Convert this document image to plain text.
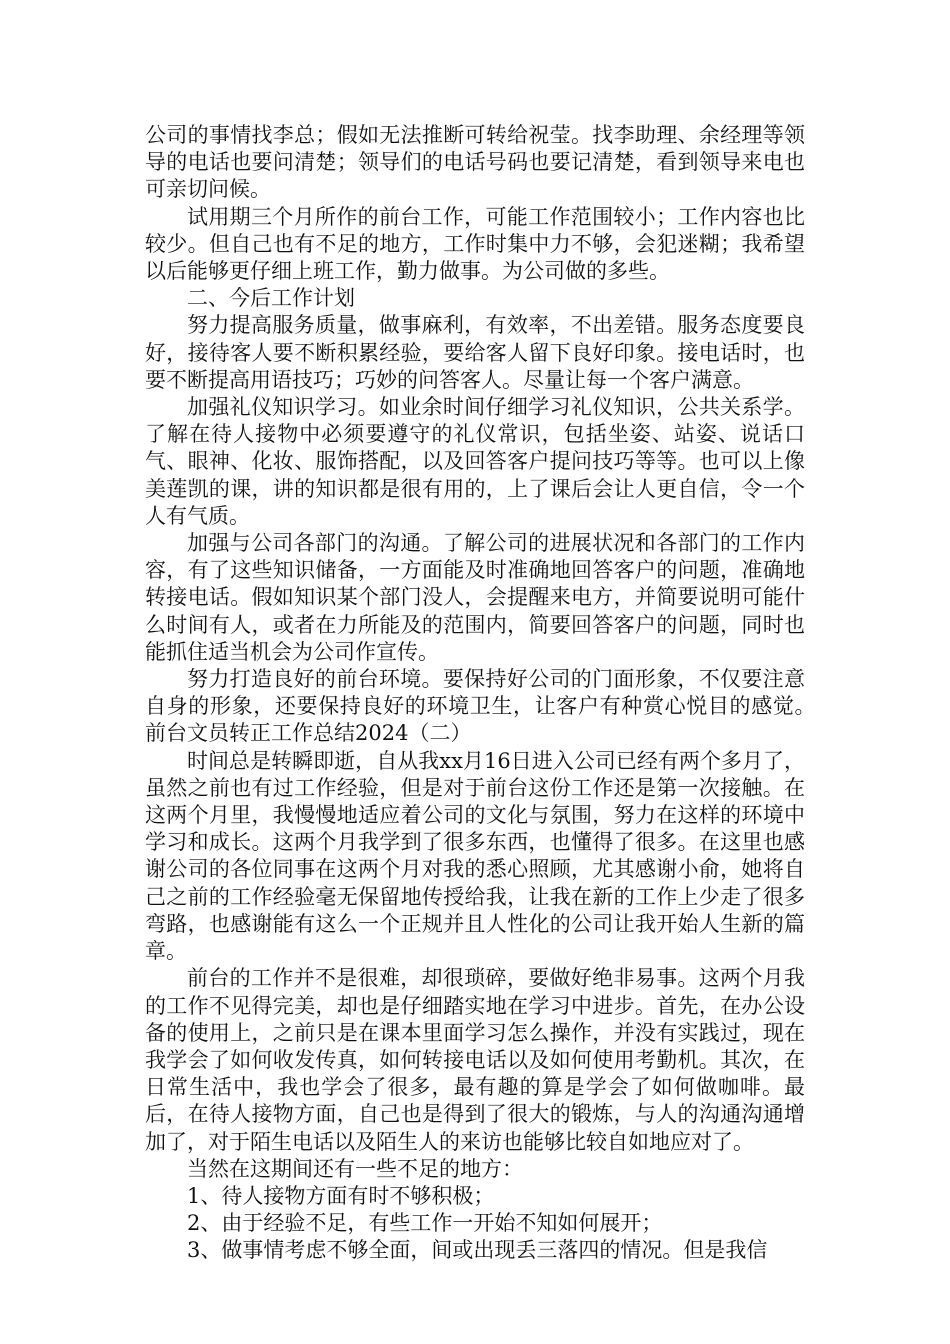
公司的事情找李总；假如无法推断可转给祝莹。找李助理、余经理等领导的电话也要问清楚；领导们的电话号码也要记清楚，看到领导来电也可亲切问候。

试用期三个月所作的前台工作，可能工作范围较小；工作内容也比较少。但自己也有不足的地方，工作时集中力不够，会犯迷糊；我希望以后能够更仔细上班工作，勤力做事。为公司做的多些。

二、今后工作计划

努力提高服务质量，做事麻利，有效率，不出差错。服务态度要良好，接待客人要不断积累经验，要给客人留下良好印象。接电话时，也要不断提高用语技巧；巧妙的问答客人。尽量让每一个客户满意。

加强礼仪知识学习。如业余时间仔细学习礼仪知识，公共关系学。了解在待人接物中必须要遵守的礼仪常识，包括坐姿、站姿、说话口气、眼神、化妆、服饰搭配，以及回答客户提问技巧等等。也可以上像美莲凯的课，讲的知识都是很有用的，上了课后会让人更自信，令一个人有气质。

加强与公司各部门的沟通。了解公司的进展状况和各部门的工作内容，有了这些知识储备，一方面能及时准确地回答客户的问题，准确地转接电话。假如知识某个部门没人，会提醒来电方，并简要说明可能什么时间有人，或者在力所能及的范围内，简要回答客户的问题，同时也能抓住适当机会为公司作宣传。

努力打造良好的前台环境。要保持好公司的门面形象，不仅要注意自身的形象，还要保持良好的环境卫生，让客户有种赏心悦目的感觉。　　前台文员转正工作总结2024（二）

时间总是转瞬即逝，自从我xx月16日进入公司已经有两个多月了，虽然之前也有过工作经验，但是对于前台这份工作还是第一次接触。在这两个月里，我慢慢地适应着公司的文化与氛围，努力在这样的环境中学习和成长。这两个月我学到了很多东西，也懂得了很多。在这里也感谢公司的各位同事在这两个月对我的悉心照顾，尤其感谢小俞，她将自己之前的工作经验毫无保留地传授给我，让我在新的工作上少走了很多弯路，也感谢能有这么一个正规并且人性化的公司让我开始人生新的篇章。

前台的工作并不是很难，却很琐碎，要做好绝非易事。这两个月我的工作不见得完美，却也是仔细踏实地在学习中进步。首先，在办公设备的使用上，之前只是在课本里面学习怎么操作，并没有实践过，现在我学会了如何收发传真，如何转接电话以及如何使用考勤机。其次，在日常生活中，我也学会了很多，最有趣的算是学会了如何做咖啡。最后，在待人接物方面，自己也是得到了很大的锻炼，与人的沟通沟通增加了，对于陌生电话以及陌生人的来访也能够比较自如地应对了。

当然在这期间还有一些不足的地方：

1、待人接物方面有时不够积极；

2、由于经验不足，有些工作一开始不知如何展开；

3、做事情考虑不够全面，间或出现丢三落四的情况。但是我信
